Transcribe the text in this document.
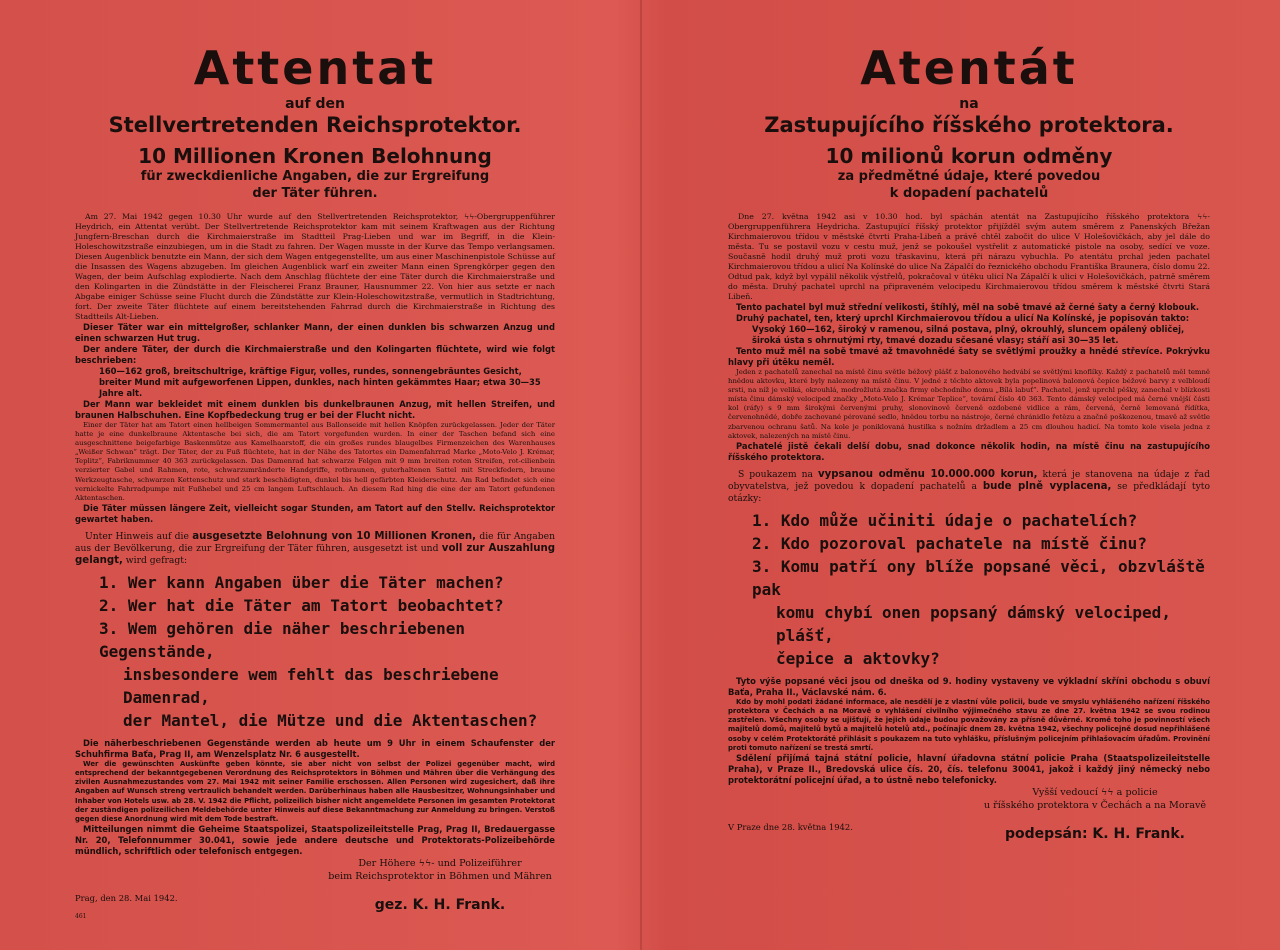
Attentat
auf den
Stellvertretenden Reichsprotektor.
10 Millionen Kronen Belohnung
für zweckdienliche Angaben, die zur Ergreifung
der Täter führen.

Am 27. Mai 1942 gegen 10.30 Uhr wurde auf den Stellvertretenden Reichsprotektor, ϟϟ-Obergruppenführer Heydrich, ein Attentat verübt. Der Stellvertretende Reichsprotektor kam mit seinem Kraftwagen aus der Richtung Jungfern-Breschan durch die Kirchmaierstraße im Stadtteil Prag-Lieben und war im Begriff, in die Klein-Holeschowitzstraße einzubiegen, um in die Stadt zu fahren. Der Wagen musste in der Kurve das Tempo verlangsamen. Diesen Augenblick benutzte ein Mann, der sich dem Wagen entgegenstellte, um aus einer Maschinenpistole Schüsse auf die Insassen des Wagens abzugeben. Im gleichen Augenblick warf ein zweiter Mann einen Sprengkörper gegen den Wagen, der beim Aufschlag explodierte. Nach dem Anschlag flüchtete der eine Täter durch die Kirchmaierstraße und den Kolingarten in die Zündstätte in der Fleischerei Franz Brauner, Hausnummer 22. Von hier aus setzte er nach Abgabe einiger Schüsse seine Flucht durch die Zündstätte zur Klein-Holeschowitzstraße, vermutlich in Stadtrichtung, fort. Der zweite Täter flüchtete auf einem bereitstehenden Fahrrad durch die Kirchmaierstraße in Richtung des Stadtteils Alt-Lieben.

Dieser Täter war ein mittelgroßer, schlanker Mann, der einen dunklen bis schwarzen Anzug und einen schwarzen Hut trug.

Der andere Täter, der durch die Kirchmaierstraße und den Kolingarten flüchtete, wird wie folgt beschrieben:

160—162 groß, breitschultrige, kräftige Figur, volles, rundes, sonnengebräuntes Gesicht, breiter Mund mit aufgeworfenen Lippen, dunkles, nach hinten gekämmtes Haar; etwa 30—35 Jahre alt.

Der Mann war bekleidet mit einem dunklen bis dunkelbraunen Anzug, mit hellen Streifen, und braunen Halbschuhen. Eine Kopfbedeckung trug er bei der Flucht nicht.

Einer der Täter hat am Tatort einen hellbeigen Sommermantel aus Ballonseide mit hellen Knöpfen zurückgelassen. Jeder der Täter hatte je eine dunkelbraune Aktentasche bei sich, die am Tatort vorgefunden wurden. In einer der Taschen befand sich eine ausgeschnittene beigefarbige Baskenmütze aus Kamelhaarstoff, die ein großes rundes blaugelbes Firmenzeichen des Warenhauses „Weißer Schwan“ trägt. Der Täter, der zu Fuß flüchtete, hat in der Nähe des Tatortes ein Damenfahrrad Marke „Moto-Velo J. Krémar, Teplitz“, Fabriknummer 40 363 zurückgelassen. Das Damenrad hat schwarze Felgen mit 9 mm breiten roten Streifen, rot-cilienbein verzierter Gabel und Rahmen, rote, schwarzumränderte Handgriffe, rotbraunen, guterhaltenen Sattel mit Streckfedern, braune Werkzeugtasche, schwarzen Kettenschutz und stark beschädigten, dunkel bis hell gefärbten Kleiderschutz. Am Rad befindet sich eine vernickelte Fahrradpumpe mit Fußhebel und 25 cm langem Luftschlauch. An diesem Rad hing die eine der am Tatort gefundenen Aktentaschen.

Die Täter müssen längere Zeit, vielleicht sogar Stunden, am Tatort auf den Stellv. Reichsprotektor gewartet haben.

Unter Hinweis auf die ausgesetzte Belohnung von 10 Millionen Kronen, die für Angaben aus der Bevölkerung, die zur Ergreifung der Täter führen, ausgesetzt ist und voll zur Auszahlung gelangt, wird gefragt:

1. Wer kann Angaben über die Täter machen?
2. Wer hat die Täter am Tatort beobachtet?
3. Wem gehören die näher beschriebenen Gegenstände,
insbesondere wem fehlt das beschriebene Damenrad,
der Mantel, die Mütze und die Aktentaschen?

Die näherbeschriebenen Gegenstände werden ab heute um 9 Uhr in einem Schaufenster der Schuhfirma Baťa, Prag II, am Wenzelsplatz Nr. 6 ausgestellt.

Wer die gewünschten Auskünfte geben könnte, sie aber nicht von selbst der Polizei gegenüber macht, wird entsprechend der bekanntgegebenen Verordnung des Reichsprotektors in Böhmen und Mähren über die Verhängung des zivilen Ausnahmezustandes vom 27. Mai 1942 mit seiner Familie erschossen. Allen Personen wird zugesichert, daß ihre Angaben auf Wunsch streng vertraulich behandelt werden. Darüberhinaus haben alle Hausbesitzer, Wohnungsinhaber und Inhaber von Hotels usw. ab 28. V. 1942 die Pflicht, polizeilich bisher nicht angemeldete Personen im gesamten Protektorat der zuständigen polizeilichen Meldebehörde unter Hinweis auf diese Bekanntmachung zur Anmeldung zu bringen. Verstoß gegen diese Anordnung wird mit dem Tode bestraft.

Mitteilungen nimmt die Geheime Staatspolizei, Staatspolizeileitstelle Prag, Prag II, Bredauergasse Nr. 20, Telefonnummer 30.041, sowie jede andere deutsche und Protektorats-Polizeibehörde mündlich, schriftlich oder telefonisch entgegen.

Der Höhere ϟϟ- und Polizeiführer
beim Reichsprotektor in Böhmen und Mähren
Prag, den 28. Mai 1942.	gez. K. H. Frank.
461
Atentát
na
Zastupujícího říšského protektora.
10 milionů korun odměny
za předmětné údaje, které povedou
k dopadení pachatelů

Dne 27. května 1942 asi v 10.30 hod. byl spáchán atentát na Zastupujícího říšského protektora ϟϟ-Obergruppenführera Heydricha. Zastupující říšský protektor přijížděl svým autem směrem z Panenských Břežan Kirchmaierovou třídou v městské čtvrti Praha-Libeň a právě chtěl zabočit do ulice V Holešovičkách, aby jel dále do města. Tu se postavil vozu v cestu muž, jenž se pokoušel vystřelit z automatické pistole na osoby, sedící ve voze. Současně hodil druhý muž proti vozu třaskavinu, která při nárazu vybuchla. Po atentátu prchal jeden pachatel Kirchmaierovou třídou a ulicí Na Kolínské do ulice Na Zápalčí do řeznického obchodu Františka Braunera, číslo domu 22. Odtud pak, když byl vypálil několik výstřelů, pokračoval v útěku ulicí Na Zápalčí k ulici v Holešovičkách, patrně směrem do města. Druhý pachatel uprchl na připraveném velocipedu Kirchmaierovou třídou směrem k městské čtvrti Stará Libeň.

Tento pachatel byl muž střední velikosti, štíhlý, měl na sobě tmavé až černé šaty a černý klobouk.

Druhý pachatel, ten, který uprchl Kirchmaierovou třídou a ulicí Na Kolínské, je popisován takto:

Vysoký 160—162, široký v ramenou, silná postava, plný, okrouhlý, sluncem opálený obličej, široká ústa s ohrnutými rty, tmavé dozadu sčesané vlasy; stáří asi 30—35 let.

Tento muž měl na sobě tmavé až tmavohnědé šaty se světlými proužky a hnědé střevíce. Pokrývku hlavy při útěku neměl.

Jeden z pachatelů zanechal na místě činu světle béžový plášť z balonového hedvábí se světlými knoflíky. Každý z pachatelů měl temně hnědou aktovku, které byly nalezeny na místě činu. V jedné z těchto aktovek byla popelinová balonová čepice béžové barvy z velbloudí srsti, na níž je veliká, okrouhlá, modrožlutá značka firmy obchodního domu „Bílá labuť“. Pachatel, jenž uprchl pěšky, zanechal v blízkosti místa činu dámský velociped značky „Moto-Velo J. Krémar Teplice“, tovární číslo 40 363. Tento dámský velociped má černé vnější části kol (ráfy) s 9 mm širokými červenými pruhy, slonovinově červeně ozdobené vidlice a rám, červená, černě lemovaná řídítka, červenohnědé, dobře zachované pérované sedlo, hnědou torbu na nástroje, černé chránidlo řetězu a značně poškozenou, tmavě až světle zbarvenou ochranu šatů. Na kole je poniklovaná hustilka s nožním držadlem a 25 cm dlouhou hadicí. Na tomto kole visela jedna z aktovek, nalezených na místě činu.

Pachatelé jistě čekali delší dobu, snad dokonce několik hodin, na místě činu na zastupujícího říšského protektora.

S poukazem na vypsanou odměnu 10.000.000 korun, která je stanovena na údaje z řad obyvatelstva, jež povedou k dopadení pachatelů a bude plně vyplacena, se předkládají tyto otázky:

1. Kdo může učiniti údaje o pachatelích?
2. Kdo pozoroval pachatele na místě činu?
3. Komu patří ony blíže popsané věci, obzvláště pak
komu chybí onen popsaný dámský velociped, plášť,
čepice a aktovky?

Tyto výše popsané věci jsou od dneška od 9. hodiny vystaveny ve výkladní skříni obchodu s obuví Baťa, Praha II., Václavské nám. 6.

Kdo by mohl podati žádané informace, ale nesdělí je z vlastní vůle policii, bude ve smyslu vyhlášeného nařízení říšského protektora v Čechách a na Moravě o vyhlášení civilního výjimečného stavu ze dne 27. května 1942 se svou rodinou zastřelen. Všechny osoby se ujišťují, že jejich údaje budou považovány za přísně důvěrné. Kromě toho je povinností všech majitelů domů, majitelů bytů a majitelů hotelů atd., počínajíc dnem 28. května 1942, všechny policejně dosud nepřihlášené osoby v celém Protektorátě přihlásit s poukazem na tuto vyhlášku, příslušným policejním přihlašovacím úřadům. Provinění proti tomuto nařízení se trestá smrtí.

Sdělení přijímá tajná státní policie, hlavní úřadovna státní policie Praha (Staatspolizeileitstelle Praha), v Praze II., Bredovská ulice čís. 20, čís. telefonu 30041, jakož i každý jiný německý nebo protektorátní policejní úřad, a to ústně nebo telefonicky.

Vyšší vedoucí ϟϟ a policie
u říšského protektora v Čechách a na Moravě
V Praze dne 28. května 1942.	podepsán: K. H. Frank.
